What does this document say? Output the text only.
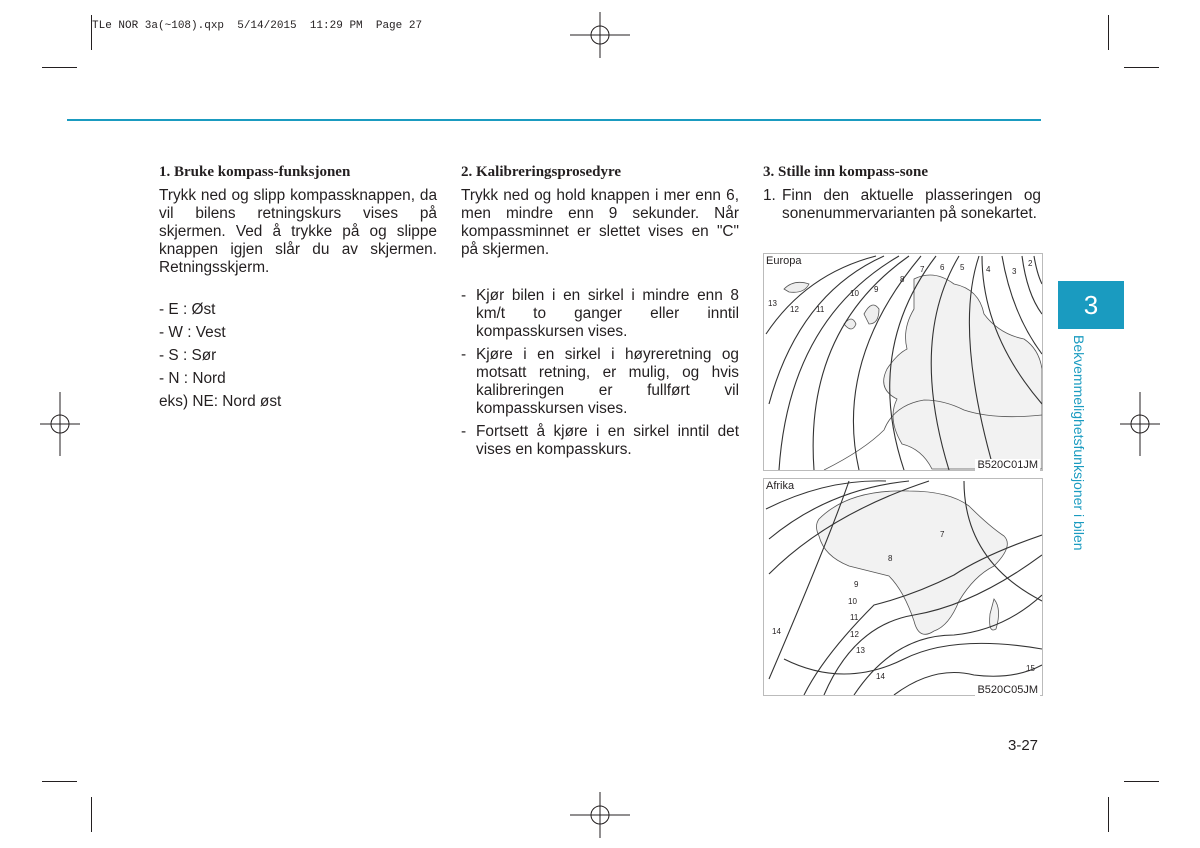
TLe NOR 3a(~108).qxp  5/14/2015  11:29 PM  Page 27
1. Bruke kompass-funksjonen

Trykk ned og slipp kompassknappen, da vil bilens retningskurs vises på skjermen. Ved å trykke på og slippe knappen igjen slår du av skjermen. Retningsskjerm.

- E : Øst
- W : Vest
- S : Sør
- N : Nord
eks) NE: Nord øst
2. Kalibreringsprosedyre

Trykk ned og hold knappen i mer enn 6, men mindre enn 9 sekunder. Når kompassminnet er slettet vises en "C" på skjermen.

- Kjør bilen i en sirkel i mindre enn 8 km/t to ganger eller inntil kompasskursen vises.
- Kjøre i en sirkel i høyreretning og motsatt retning, er mulig, og hvis kalibreringen er fullført vil kompasskursen vises.
- Fortsett å kjøre i en sirkel inntil det vises en kompasskurs.
3. Stille inn kompass-sone
1. Finn den aktuelle plasseringen og sonenummervarianten på sonekartet.
2
3
4
5
6
7
8
9
10
11
12
13
Europa
B520C01JM
7
8
9
10
11
12
13
14
14
15
Afrika
B520C05JM
3
Bekvemmelighetsfunksjoner i bilen
3-27
